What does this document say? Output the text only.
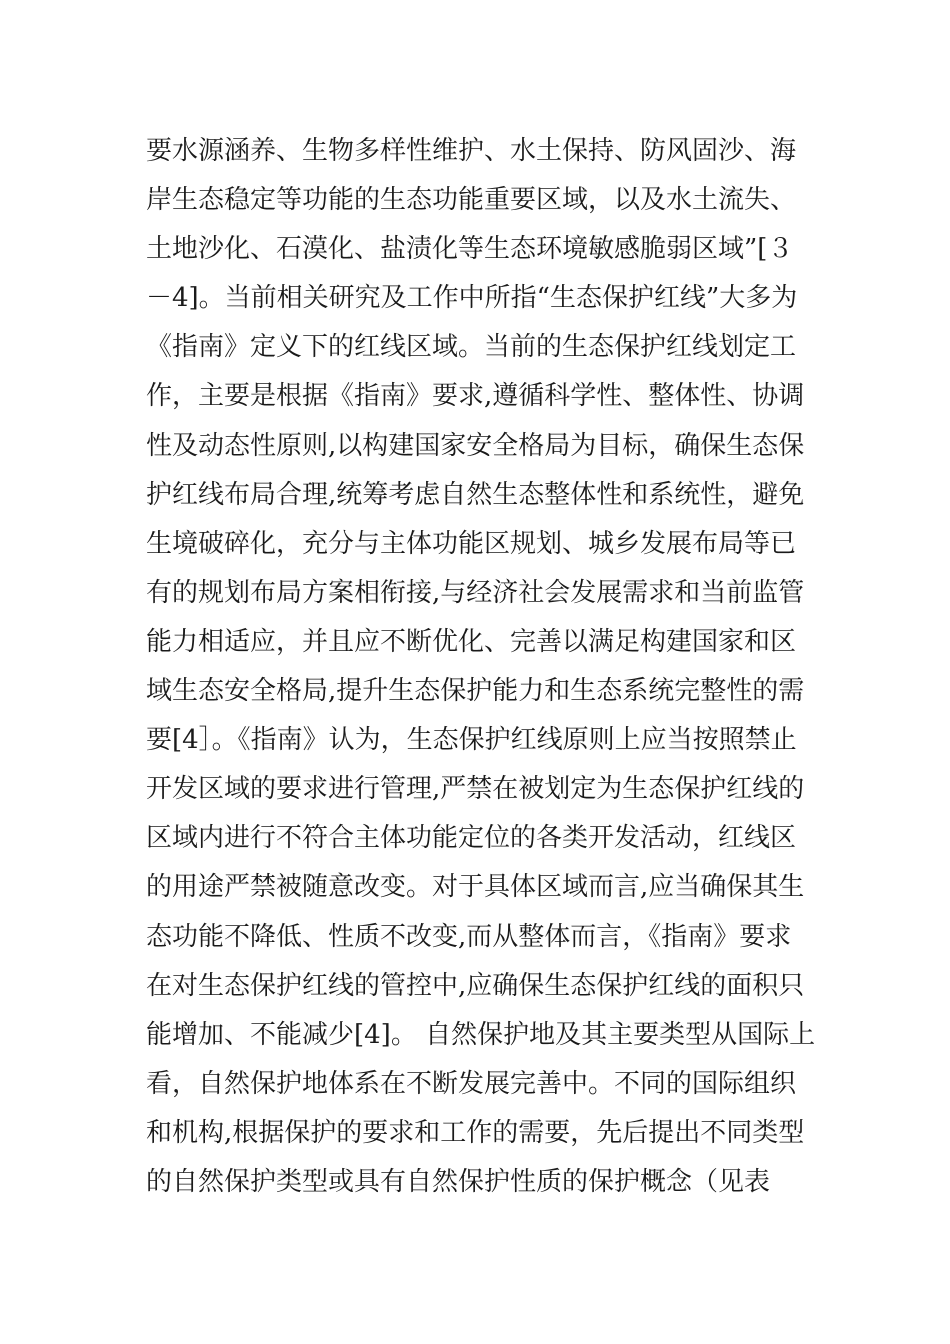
要水源涵养、生物多样性维护、水土保持、防风固沙、海
岸生态稳定等功能的生态功能重要区域，以及水土流失、
土地沙化、石漠化、盐渍化等生态环境敏感脆弱区域”[３
－4]。当前相关研究及工作中所指“生态保护红线”大多为
《指南》定义下的红线区域。当前的生态保护红线划定工
作，主要是根据《指南》要求,遵循科学性、整体性、协调
性及动态性原则,以构建国家安全格局为目标，确保生态保
护红线布局合理,统筹考虑自然生态整体性和系统性，避免
生境破碎化，充分与主体功能区规划、城乡发展布局等已
有的规划布局方案相衔接,与经济社会发展需求和当前监管
能力相适应，并且应不断优化、完善以满足构建国家和区
域生态安全格局,提升生态保护能力和生态系统完整性的需
要[4］。《指南》认为，生态保护红线原则上应当按照禁止
开发区域的要求进行管理,严禁在被划定为生态保护红线的
区域内进行不符合主体功能定位的各类开发活动，红线区
的用途严禁被随意改变。对于具体区域而言,应当确保其生
态功能不降低、性质不改变,而从整体而言，《指南》要求
在对生态保护红线的管控中,应确保生态保护红线的面积只
能增加、不能减少[4]。 自然保护地及其主要类型从国际上
看，自然保护地体系在不断发展完善中。不同的国际组织
和机构,根据保护的要求和工作的需要，先后提出不同类型
的自然保护类型或具有自然保护性质的保护概念（见表
